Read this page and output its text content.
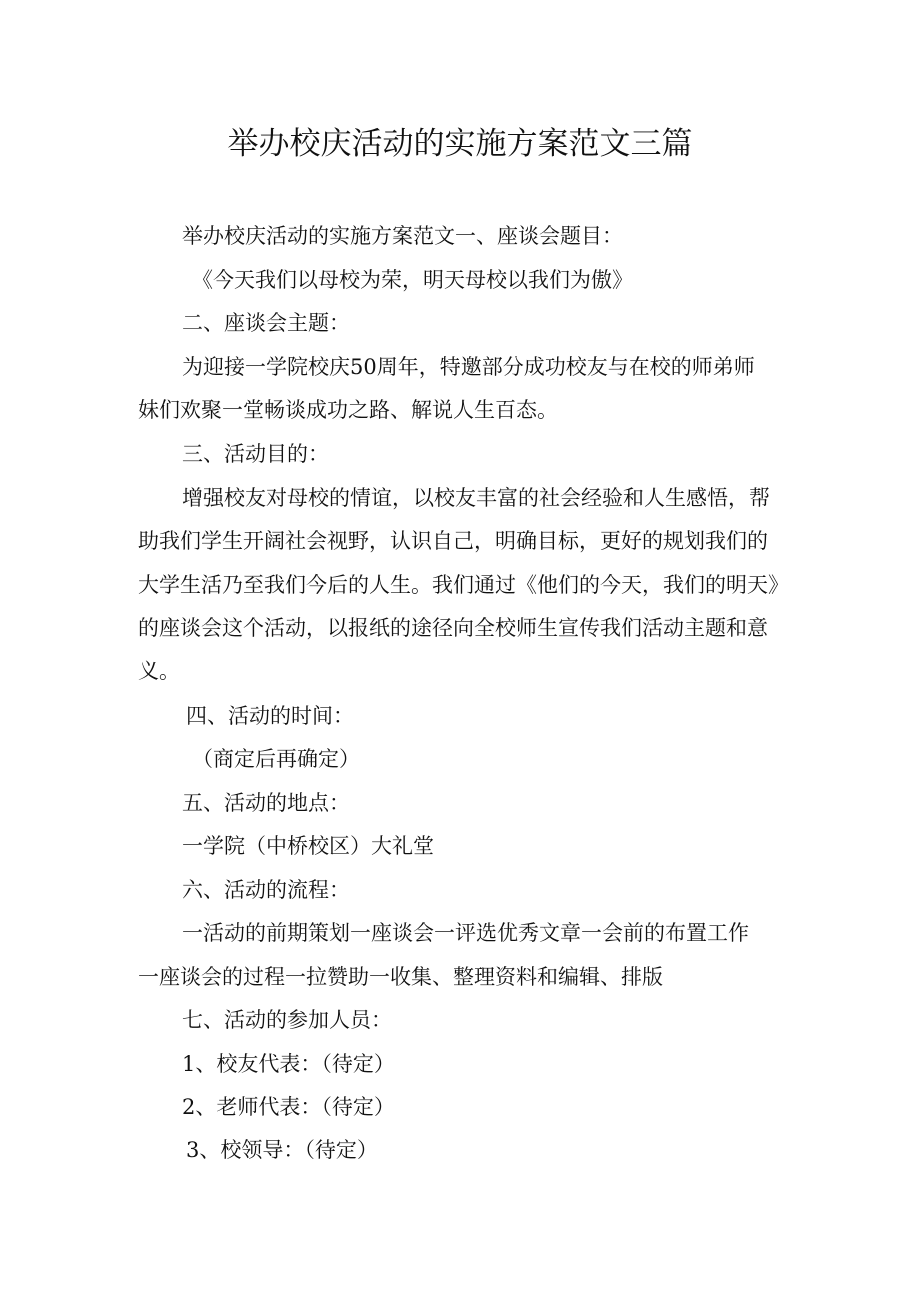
举办校庆活动的实施方案范文三篇
举办校庆活动的实施方案范文一、座谈会题目：
《今天我们以母校为荣，明天母校以我们为傲》
二、座谈会主题：
为迎接一学院校庆50周年，特邀部分成功校友与在校的师弟师
妹们欢聚一堂畅谈成功之路、解说人生百态。
三、活动目的：
增强校友对母校的情谊，以校友丰富的社会经验和人生感悟，帮
助我们学生开阔社会视野，认识自己，明确目标，更好的规划我们的
大学生活乃至我们今后的人生。我们通过《他们的今天，我们的明天》
的座谈会这个活动，以报纸的途径向全校师生宣传我们活动主题和意
义。
四、活动的时间：
（商定后再确定）
五、活动的地点：
一学院（中桥校区）大礼堂
六、活动的流程：
一活动的前期策划一座谈会一评选优秀文章一会前的布置工作
一座谈会的过程一拉赞助一收集、整理资料和编辑、排版
七、活动的参加人员：
1、校友代表：（待定）
2、老师代表：（待定）
3、校领导：（待定）
